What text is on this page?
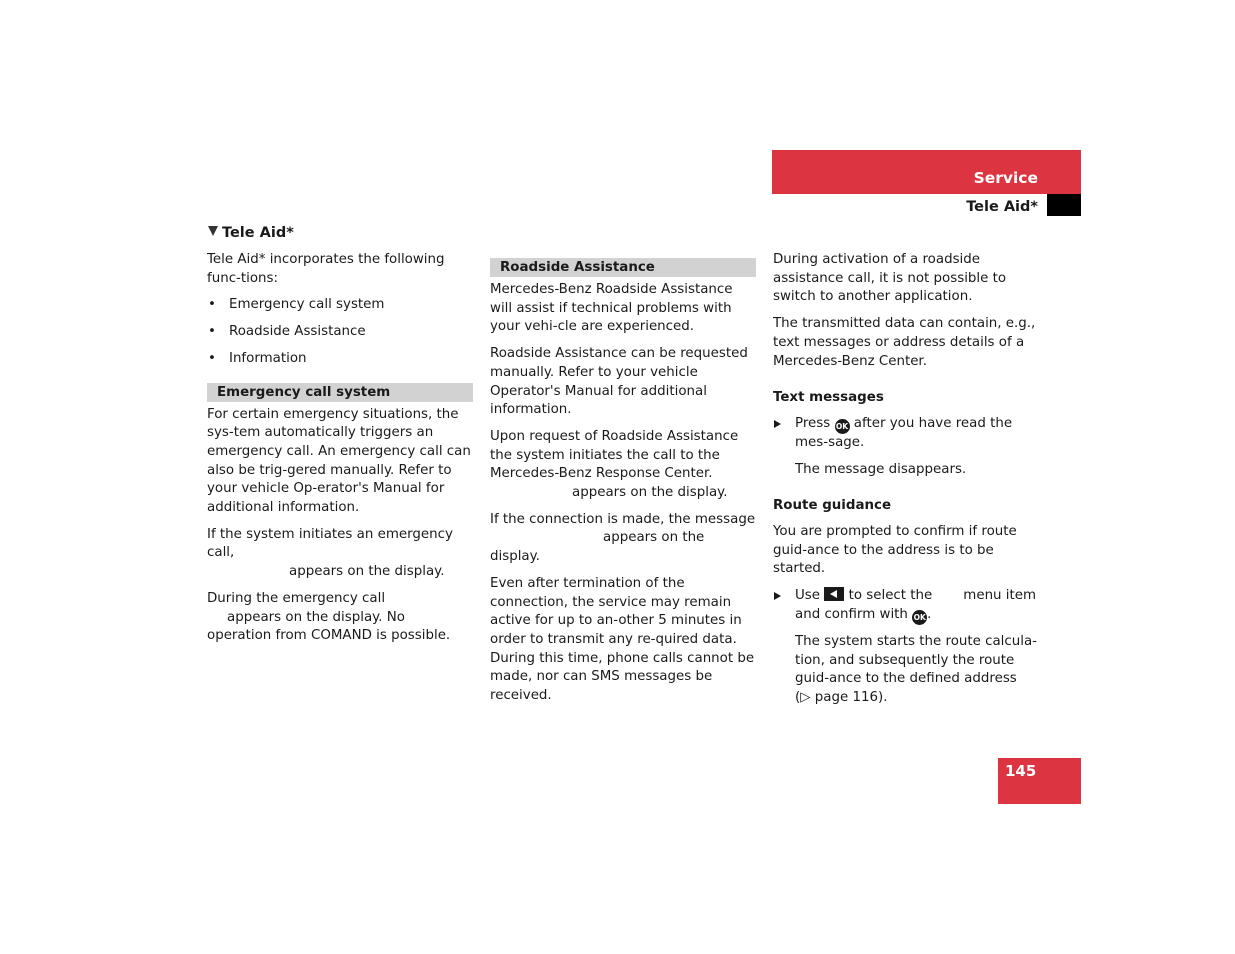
Service
Tele Aid*

Tele Aid*

Tele Aid* incorporates the following func-tions:

• Emergency call system
• Roadside Assistance
• Information

Emergency call system

For certain emergency situations, the sys-tem automatically triggers an emergency call. An emergency call can also be trig-gered manually. Refer to your vehicle Op-erator's Manual for additional information.

If the system initiates an emergency call,
appears on the display.

During the emergency call
appears on the display. No operation from COMAND is possible.

Roadside Assistance

Mercedes-Benz Roadside Assistance will assist if technical problems with your vehi-cle are experienced.

Roadside Assistance can be requested manually. Refer to your vehicle Operator's Manual for additional information.

Upon request of Roadside Assistance the system initiates the call to the Mercedes-Benz Response Center.
appears on the display.

If the connection is made, the message
appears on the display.

Even after termination of the connection, the service may remain active for up to an-other 5 minutes in order to transmit any re-quired data. During this time, phone calls cannot be made, nor can SMS messages be received.

During activation of a roadside assistance call, it is not possible to switch to another application.

The transmitted data can contain, e.g., text messages or address details of a Mercedes-Benz Center.

Text messages

Press OK after you have read the mes-sage.

The message disappears.

Route guidance

You are prompted to confirm if route guid-ance to the address is to be started.

Use to select the menu item
and confirm with OK.

The system starts the route calcula-tion, and subsequently the route guid-ance to the defined address
(▷ page 116).

145
